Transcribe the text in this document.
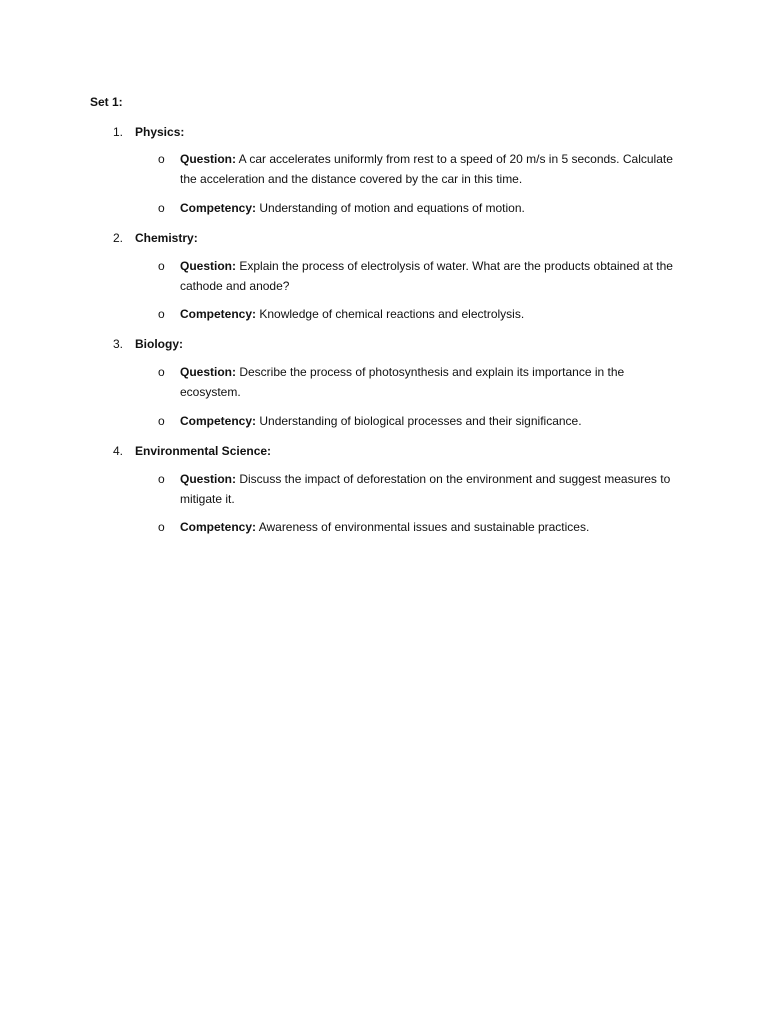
Set 1:
1. Physics:
o Question: A car accelerates uniformly from rest to a speed of 20 m/s in 5 seconds. Calculate the acceleration and the distance covered by the car in this time.
o Competency: Understanding of motion and equations of motion.
2. Chemistry:
o Question: Explain the process of electrolysis of water. What are the products obtained at the cathode and anode?
o Competency: Knowledge of chemical reactions and electrolysis.
3. Biology:
o Question: Describe the process of photosynthesis and explain its importance in the ecosystem.
o Competency: Understanding of biological processes and their significance.
4. Environmental Science:
o Question: Discuss the impact of deforestation on the environment and suggest measures to mitigate it.
o Competency: Awareness of environmental issues and sustainable practices.
